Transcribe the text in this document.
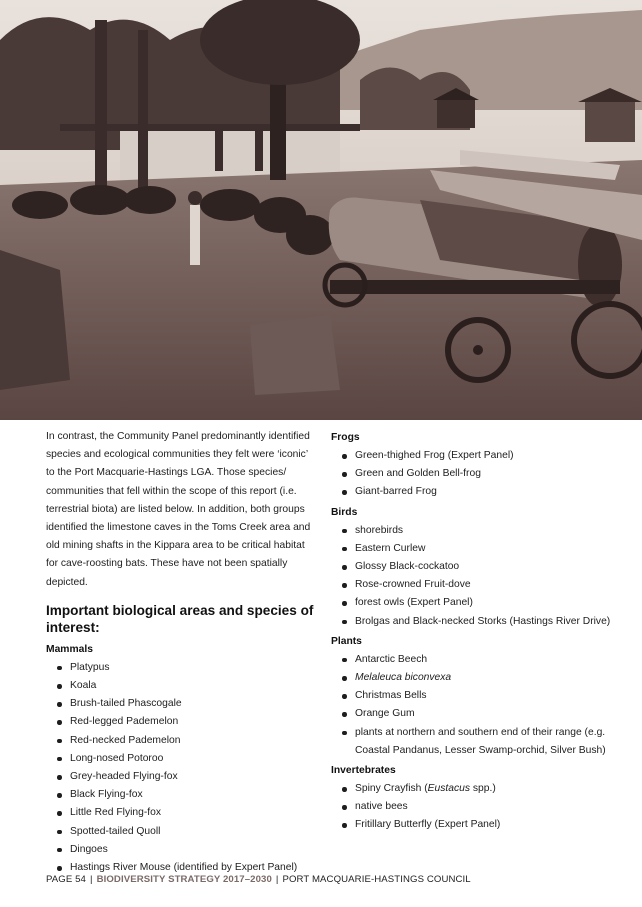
In contrast, the Community Panel predominantly identified species and ecological communities they felt were ‘iconic’ to the Port Macquarie-Hastings LGA. Those species/ communities that fell within the scope of this report (i.e. terrestrial biota) are listed below. In addition, both groups identified the limestone caves in the Toms Creek area and old mining shafts in the Kippara area to be critical habitat for cave-roosting bats. These have not been spatially depicted.

Important biological areas and species of interest:
Mammals
Platypus
Koala
Brush-tailed Phascogale
Red-legged Pademelon
Red-necked Pademelon
Long-nosed Potoroo
Grey-headed Flying-fox
Black Flying-fox
Little Red Flying-fox
Spotted-tailed Quoll
Dingoes
Hastings River Mouse (identified by Expert Panel)
Frogs
Green-thighed Frog (Expert Panel)
Green and Golden Bell-frog
Giant-barred Frog
Birds
shorebirds
Eastern Curlew
Glossy Black-cockatoo
Rose-crowned Fruit-dove
forest owls (Expert Panel)
Brolgas and Black-necked Storks (Hastings River Drive)
Plants
Antarctic Beech
Melaleuca biconvexa
Christmas Bells
Orange Gum
plants at northern and southern end of their range (e.g. Coastal Pandanus, Lesser Swamp-orchid, Silver Bush)
Invertebrates
Spiny Crayfish (Eustacus spp.)
native bees
Fritillary Butterfly (Expert Panel)
PAGE 54 | BIODIVERSITY STRATEGY 2017–2030 | PORT MACQUARIE-HASTINGS COUNCIL
